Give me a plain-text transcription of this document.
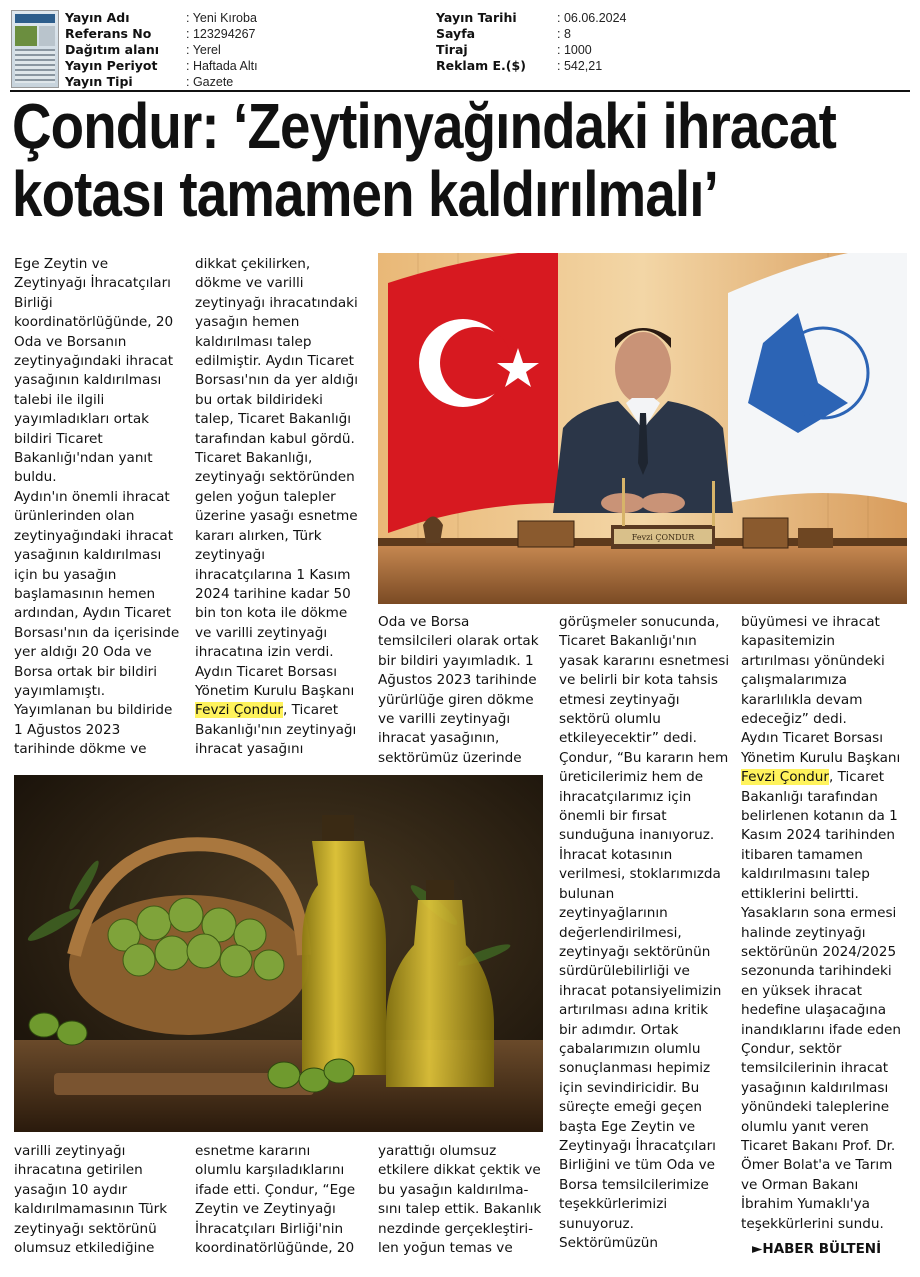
Yayın Adı	: Yeni Kıroba
Referans No	: 123294267
Dağıtım alanı : Yerel
Yayın Periyot : Haftada Altı
Yayın Tipi	: Gazete
Yayın Tarihi	: 06.06.2024
Sayfa	: 8
Tiraj	: 1000
Reklam E.($) : 542,21
Çondur: ‘Zeytinyağındaki ihracat
kotası tamamen kaldırılmalı’

Ege Zeytin ve
Zeytinyağı İhracatçıları
Birliği
koordinatörlüğünde, 20
Oda ve Borsanın
zeytinyağındaki ihracat
yasağının kaldırılması
talebi ile ilgili
yayımladıkları ortak
bildiri Ticaret
Bakanlığı'ndan yanıt
buldu.
Aydın'ın önemli ihracat
ürünlerinden olan
zeytinyağındaki ihracat
yasağının kaldırılması
için bu yasağın
başlamasının hemen
ardından, Aydın Ticaret
Borsası'nın da içerisinde
yer aldığı 20 Oda ve
Borsa ortak bir bildiri
yayımlamıştı.
Yayımlanan bu bildiride
1 Ağustos 2023
tarihinde dökme ve

dikkat çekilirken,
dökme ve varilli
zeytinyağı ihracatındaki
yasağın hemen
kaldırılması talep
edilmiştir. Aydın Ticaret
Borsası'nın da yer aldığı
bu ortak bildirideki
talep, Ticaret Bakanlığı
tarafından kabul gördü.
Ticaret Bakanlığı,
zeytinyağı sektöründen
gelen yoğun talepler
üzerine yasağı esnetme
kararı alırken, Türk
zeytinyağı
ihracatçılarına 1 Kasım
2024 tarihine kadar 50
bin ton kota ile dökme
ve varilli zeytinyağı
ihracatına izin verdi.
Aydın Ticaret Borsası
Yönetim Kurulu Başkanı
Fevzi Çondur, Ticaret
Bakanlığı'nın zeytinyağı
ihracat yasağını

Fevzi ÇONDUR

Oda ve Borsa
temsilcileri olarak ortak
bir bildiri yayımladık. 1
Ağustos 2023 tarihinde
yürürlüğe giren dökme
ve varilli zeytinyağı
ihracat yasağının,
sektörümüz üzerinde

görüşmeler sonucunda,
Ticaret Bakanlığı'nın
yasak kararını esnetmesi
ve belirli bir kota tahsis
etmesi zeytinyağı
sektörü olumlu
etkileyecektir” dedi.
Çondur, “Bu kararın hem
üreticilerimiz hem de
ihracatçılarımız için
önemli bir fırsat
sunduğuna inanıyoruz.
İhracat kotasının
verilmesi, stoklarımızda
bulunan
zeytinyağlarının
değerlendirilmesi,
zeytinyağı sektörünün
sürdürülebilirliği ve
ihracat potansiyelimizin
artırılması adına kritik
bir adımdır. Ortak
çabalarımızın olumlu
sonuçlanması hepimiz
için sevindiricidir. Bu
süreçte emeği geçen
başta Ege Zeytin ve
Zeytinyağı İhracatçıları
Birliğini ve tüm Oda ve
Borsa temsilcilerimize
teşekkürlerimizi
sunuyoruz.
Sektörümüzün

büyümesi ve ihracat
kapasitemizin
artırılması yönündeki
çalışmalarımıza
kararlılıkla devam
edeceğiz” dedi.
Aydın Ticaret Borsası
Yönetim Kurulu Başkanı
Fevzi Çondur, Ticaret
Bakanlığı tarafından
belirlenen kotanın da 1
Kasım 2024 tarihinden
itibaren tamamen
kaldırılmasını talep
ettiklerini belirtti.
Yasakların sona ermesi
halinde zeytinyağı
sektörünün 2024/2025
sezonunda tarihindeki
en yüksek ihracat
hedefine ulaşacağına
inandıklarını ifade eden
Çondur, sektör
temsilcilerinin ihracat
yasağının kaldırılması
yönündeki taleplerine
olumlu yanıt veren
Ticaret Bakanı Prof. Dr.
Ömer Bolat'a ve Tarım
ve Orman Bakanı
İbrahim Yumaklı'ya
teşekkürlerini sundu.

varilli zeytinyağı
ihracatına getirilen
yasağın 10 aydır
kaldırılmamasının Türk
zeytinyağı sektörünü
olumsuz etkilediğine

esnetme kararını
olumlu karşıladıklarını
ifade etti. Çondur, “Ege
Zeytin ve Zeytinyağı
İhracatçıları Birliği'nin
koordinatörlüğünde, 20

yarattığı olumsuz
etkilere dikkat çektik ve
bu yasağın kaldırılma-
sını talep ettik. Bakanlık
nezdinde gerçekleştiri-
len yoğun temas ve	►HABER BÜLTENİ
